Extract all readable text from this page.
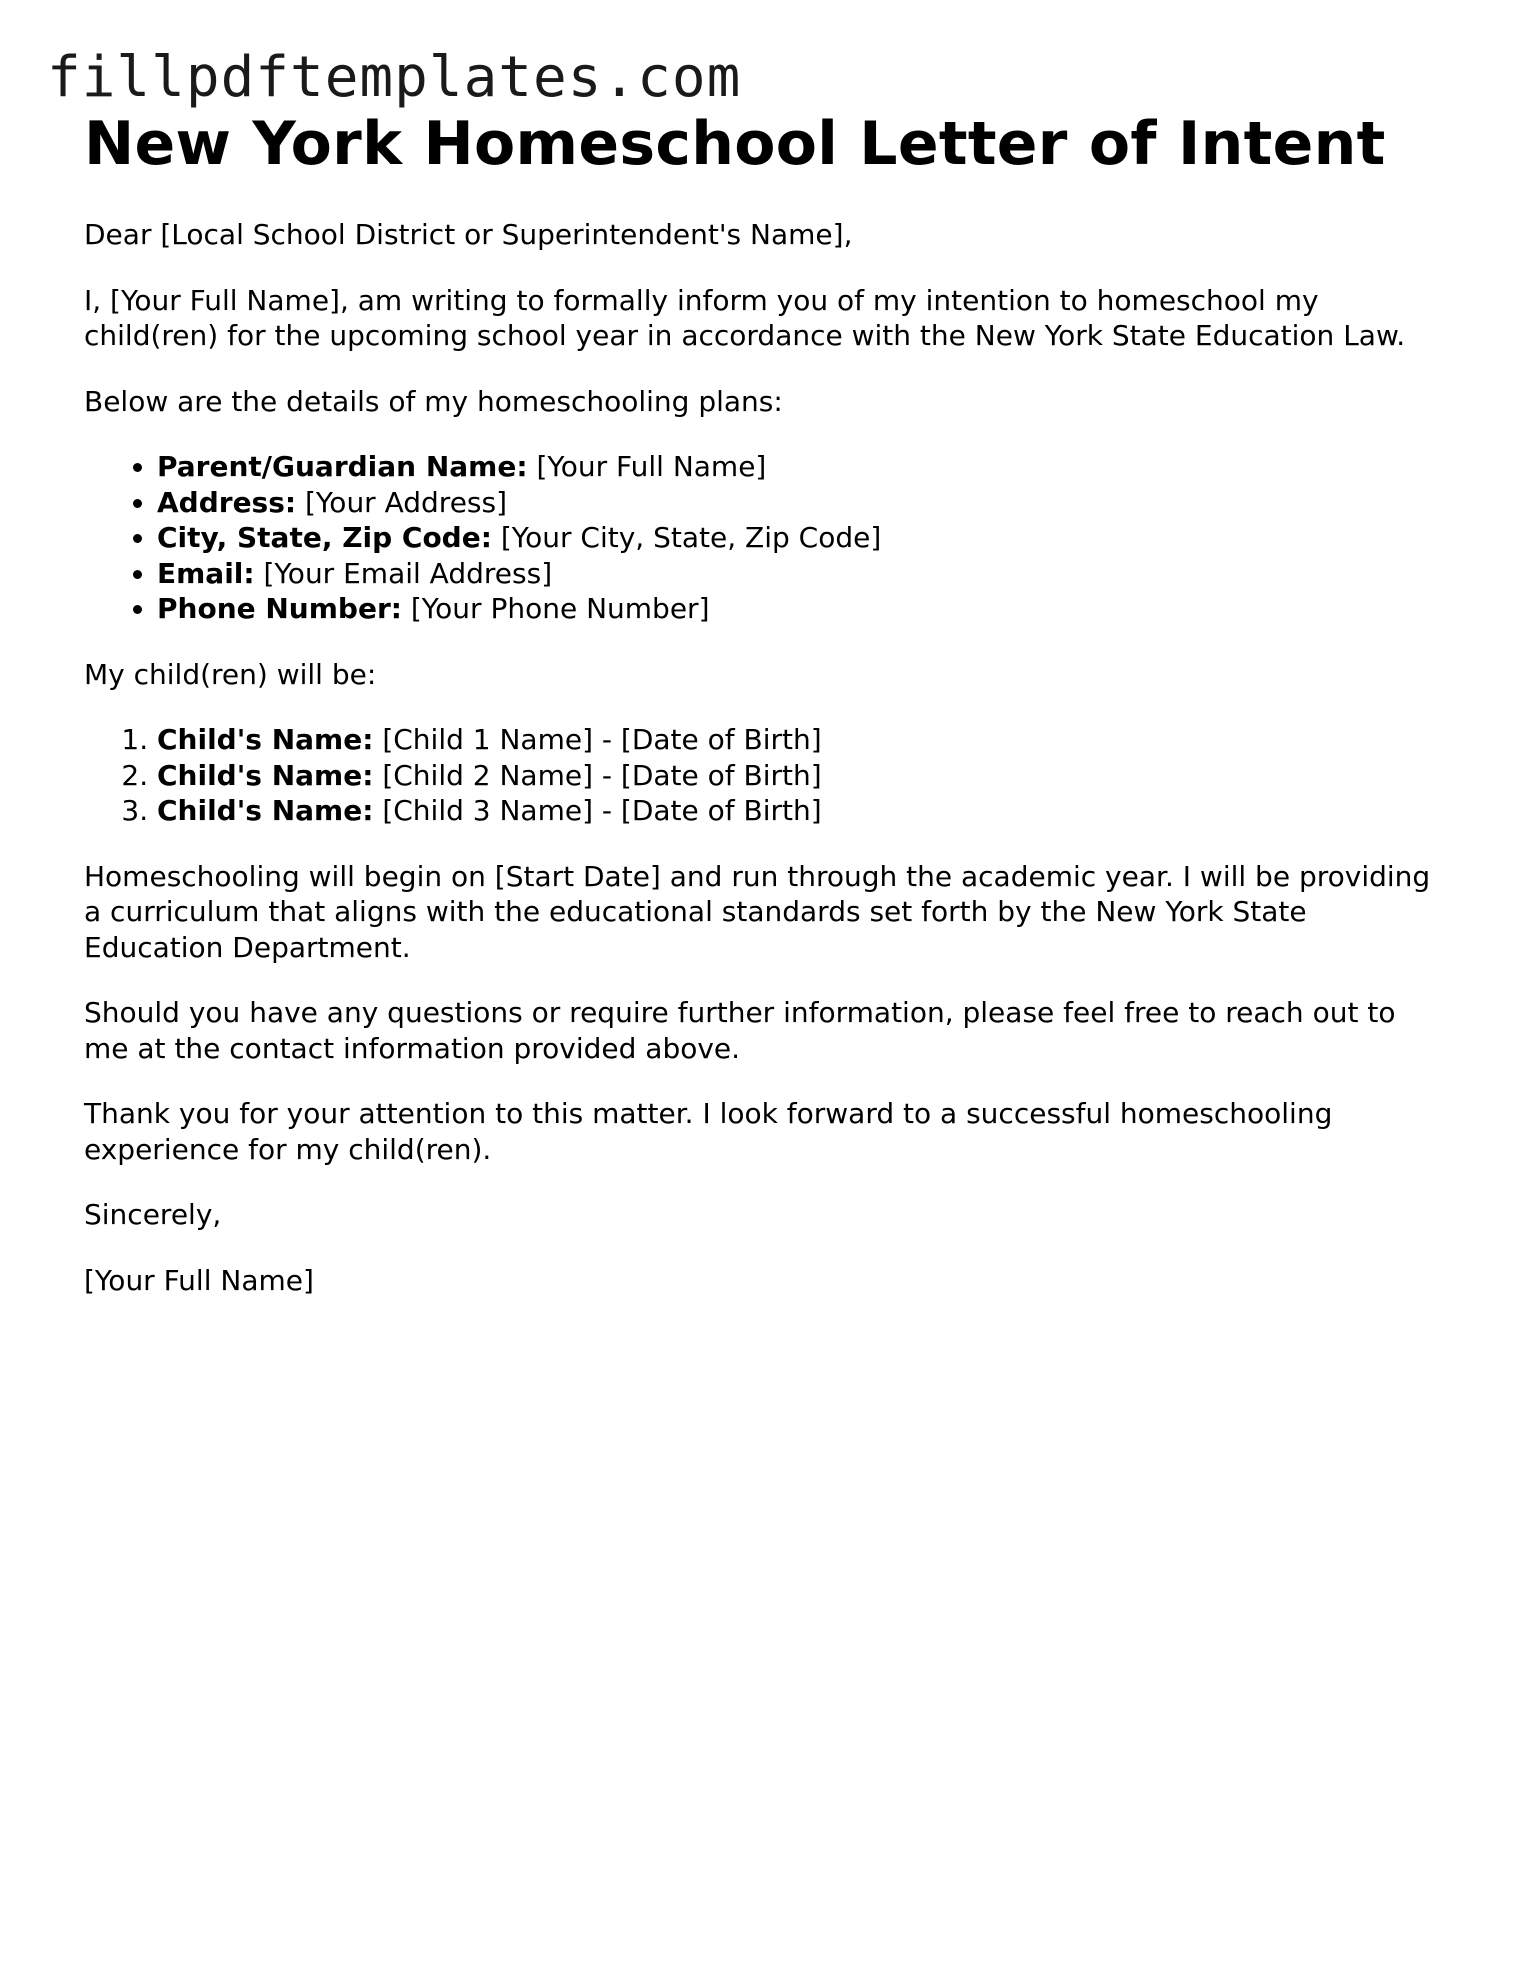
fillpdftemplates.com
New York Homeschool Letter of Intent

Dear [Local School District or Superintendent's Name],

I, [Your Full Name], am writing to formally inform you of my intention to homeschool my child(ren) for the upcoming school year in accordance with the New York State Education Law.

Below are the details of my homeschooling plans:

• Parent/Guardian Name: [Your Full Name]
• Address: [Your Address]
• City, State, Zip Code: [Your City, State, Zip Code]
• Email: [Your Email Address]
• Phone Number: [Your Phone Number]

My child(ren) will be:

1. Child's Name: [Child 1 Name] - [Date of Birth]
2. Child's Name: [Child 2 Name] - [Date of Birth]
3. Child's Name: [Child 3 Name] - [Date of Birth]

Homeschooling will begin on [Start Date] and run through the academic year. I will be providing a curriculum that aligns with the educational standards set forth by the New York State Education Department.

Should you have any questions or require further information, please feel free to reach out to me at the contact information provided above.

Thank you for your attention to this matter. I look forward to a successful homeschooling experience for my child(ren).

Sincerely,

[Your Full Name]
